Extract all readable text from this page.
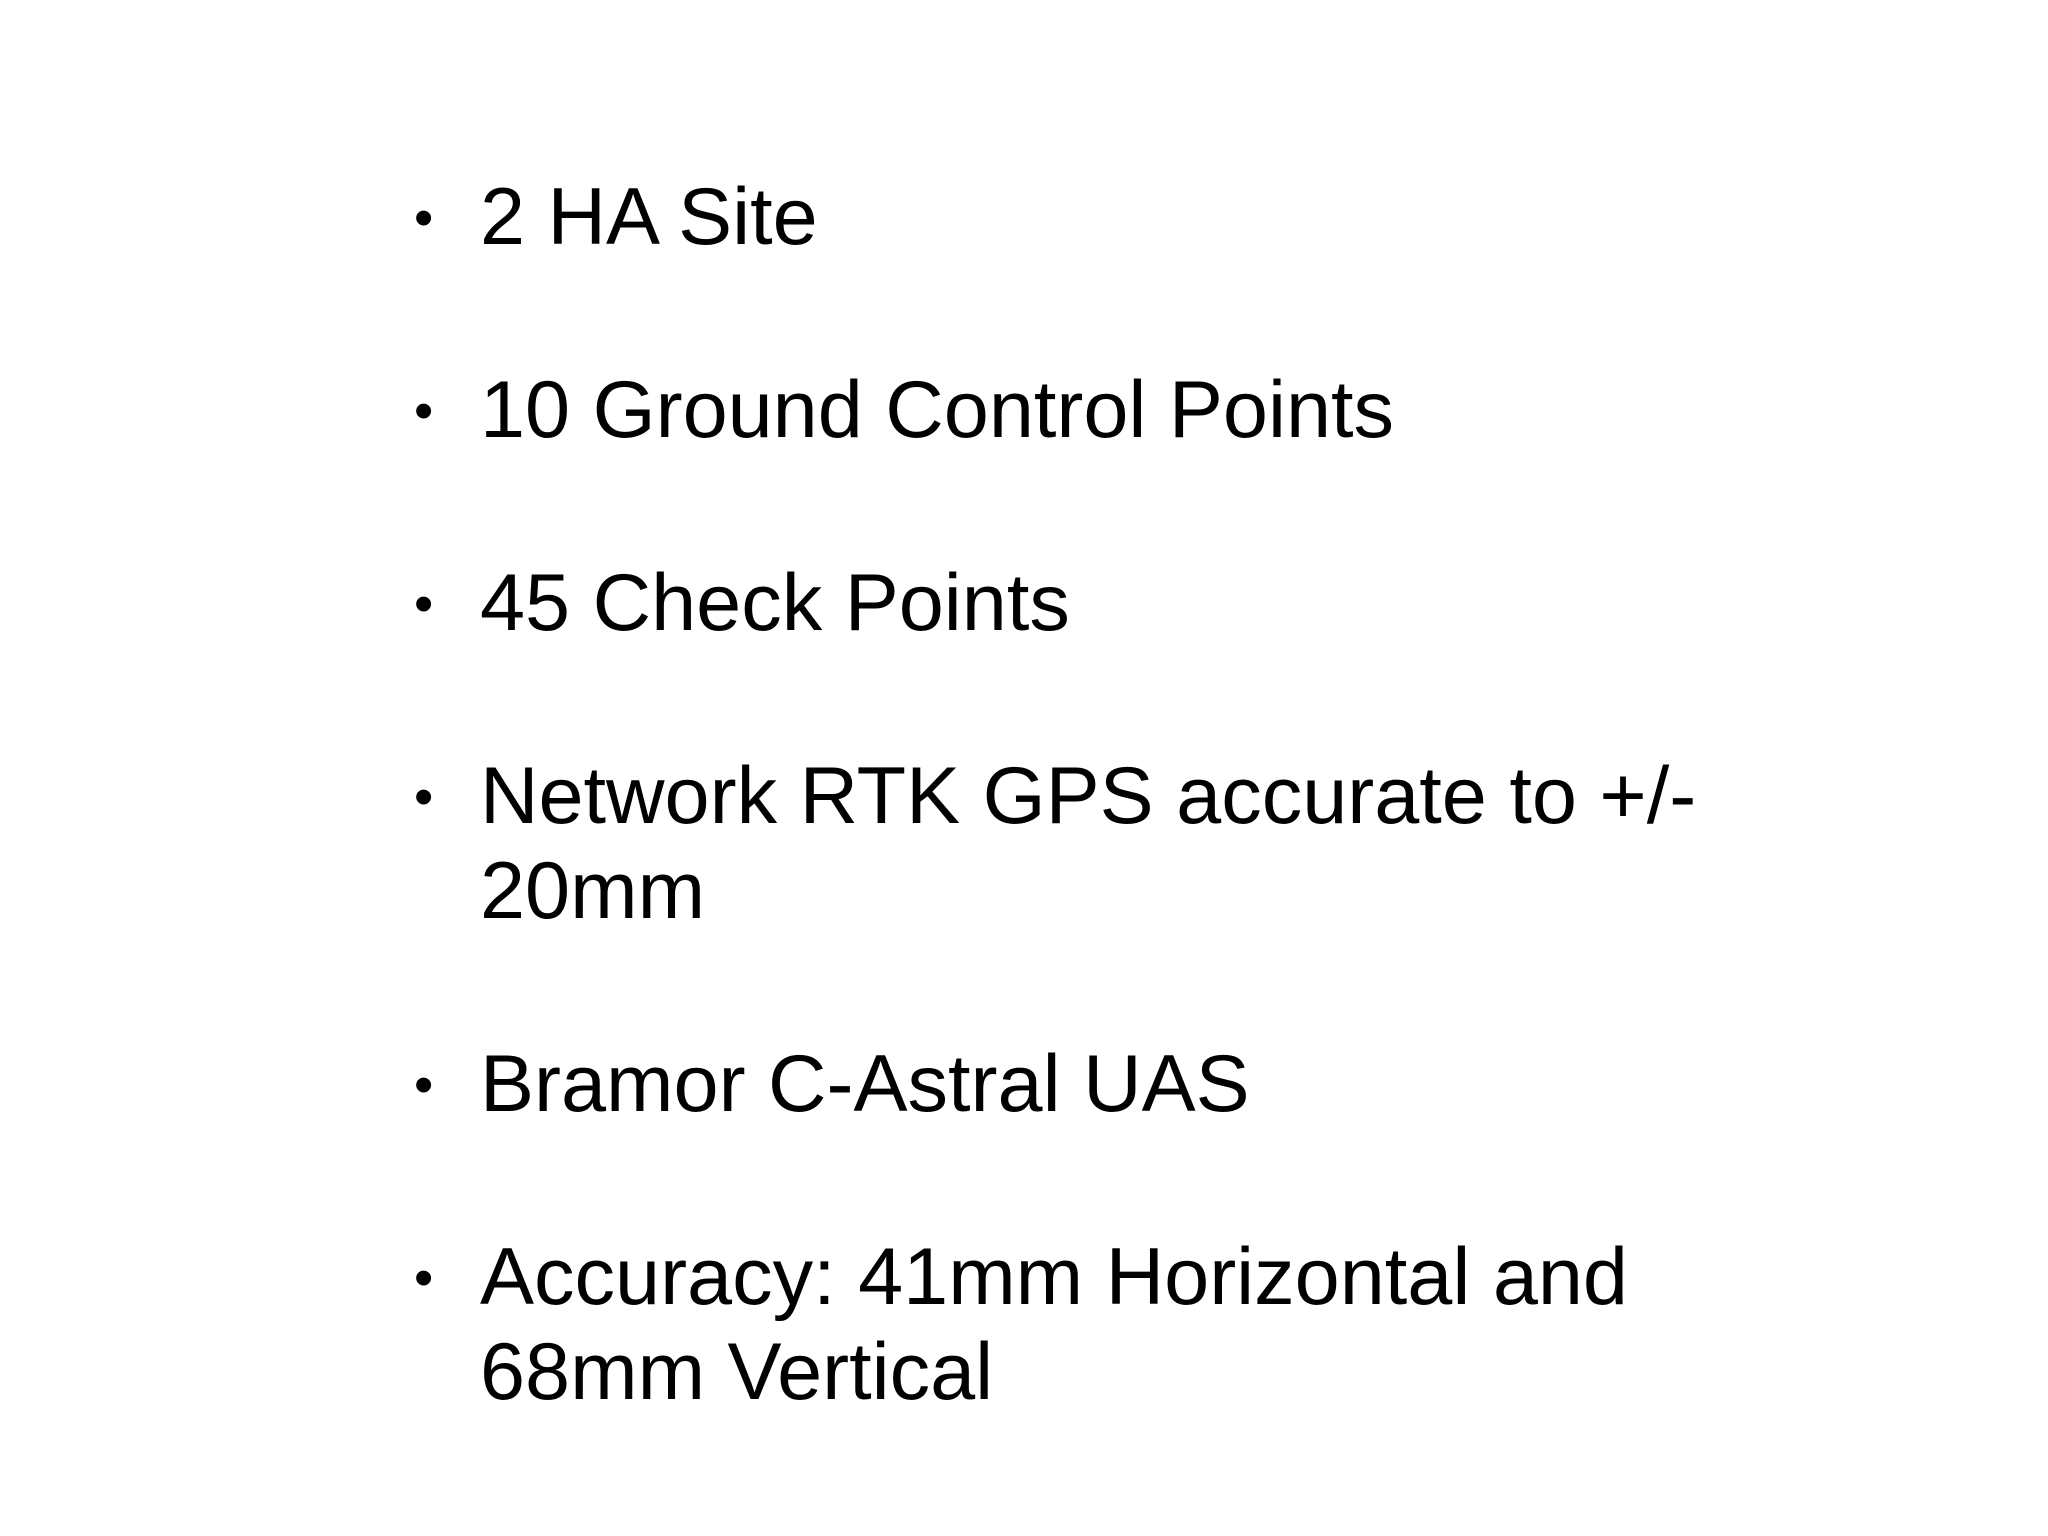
• 2 HA Site
• 10 Ground Control Points
• 45 Check Points
• Network RTK GPS accurate to +/- 20mm
• Bramor C-Astral UAS
• Accuracy: 41mm Horizontal and 68mm Vertical
